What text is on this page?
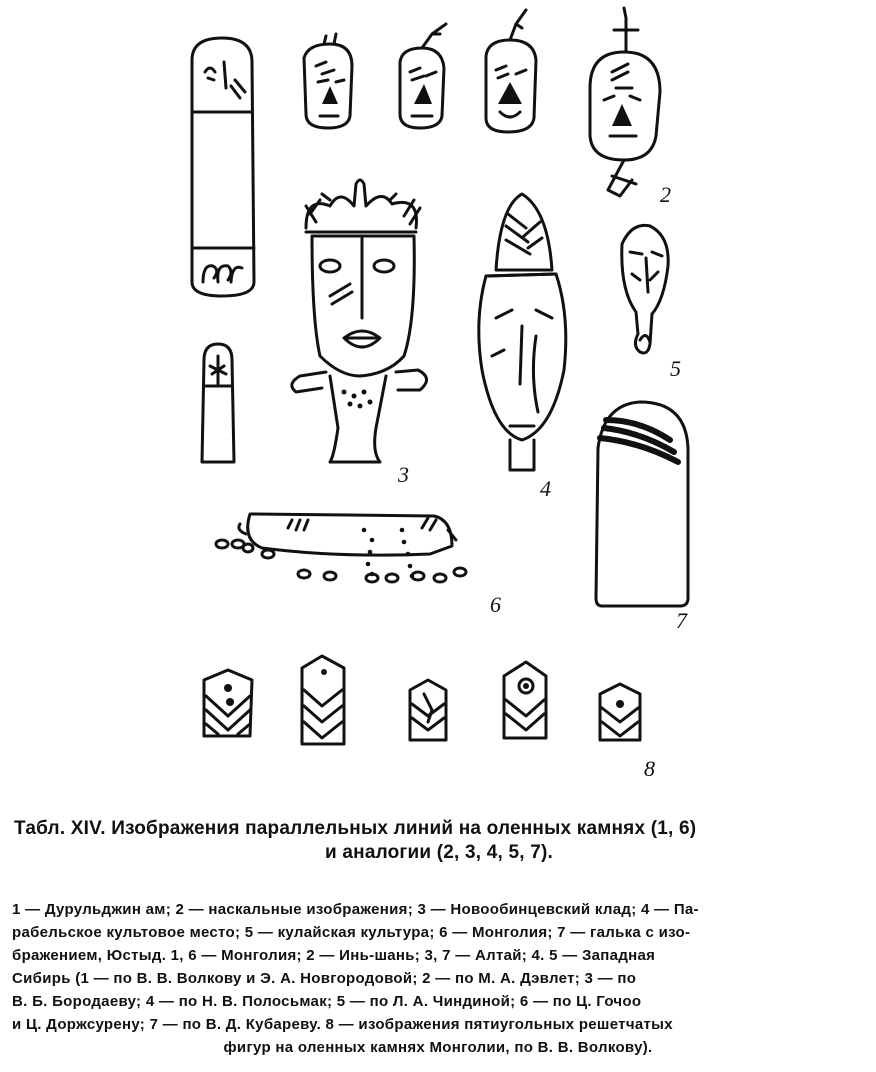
2
3
4
5
6
7
8
Табл. XIV. Изображения параллельных линий на оленных камнях (1, 6)
и аналогии (2, 3, 4, 5, 7).
1 — Дурульджин ам; 2 — наскальные изображения; 3 — Новообинцевский клад; 4 — Па-
рабельское культовое место; 5 — кулайская культура; 6 — Монголия; 7 — галька с изо-
бражением, Юстыд. 1, 6 — Монголия; 2 — Инь-шань; 3, 7 — Алтай; 4. 5 — Западная
Сибирь (1 — по В. В. Волкову и Э. А. Новгородовой; 2 — по М. А. Дэвлет; 3 — по
В. Б. Бородаеву; 4 — по Н. В. Полосьмак; 5 — по Л. А. Чиндиной; 6 — по Ц. Гочоо
и Ц. Доржсурену; 7 — по В. Д. Кубареву. 8 — изображения пятиугольных решетчатых
фигур на оленных камнях Монголии, по В. В. Волкову).
